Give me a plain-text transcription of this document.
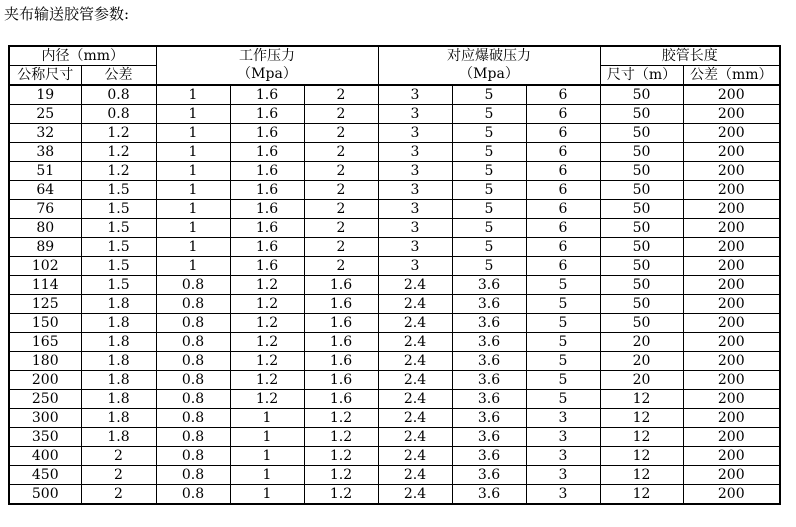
夹布输送胶管参数:
内径（mm）		工作压力			对应爆破压力			胶管长度	
公称尺寸	公差	（Mpa）			（Mpa）			尺寸（m）	公差（mm）
19	0.8	1	1.6	2	3	5	6	50	200
25	0.8	1	1.6	2	3	5	6	50	200
32	1.2	1	1.6	2	3	5	6	50	200
38	1.2	1	1.6	2	3	5	6	50	200
51	1.2	1	1.6	2	3	5	6	50	200
64	1.5	1	1.6	2	3	5	6	50	200
76	1.5	1	1.6	2	3	5	6	50	200
80	1.5	1	1.6	2	3	5	6	50	200
89	1.5	1	1.6	2	3	5	6	50	200
102	1.5	1	1.6	2	3	5	6	50	200
114	1.5	0.8	1.2	1.6	2.4	3.6	5	50	200
125	1.8	0.8	1.2	1.6	2.4	3.6	5	50	200
150	1.8	0.8	1.2	1.6	2.4	3.6	5	50	200
165	1.8	0.8	1.2	1.6	2.4	3.6	5	20	200
180	1.8	0.8	1.2	1.6	2.4	3.6	5	20	200
200	1.8	0.8	1.2	1.6	2.4	3.6	5	20	200
250	1.8	0.8	1.2	1.6	2.4	3.6	5	12	200
300	1.8	0.8	1	1.2	2.4	3.6	3	12	200
350	1.8	0.8	1	1.2	2.4	3.6	3	12	200
400	2	0.8	1	1.2	2.4	3.6	3	12	200
450	2	0.8	1	1.2	2.4	3.6	3	12	200
500	2	0.8	1	1.2	2.4	3.6	3	12	200
